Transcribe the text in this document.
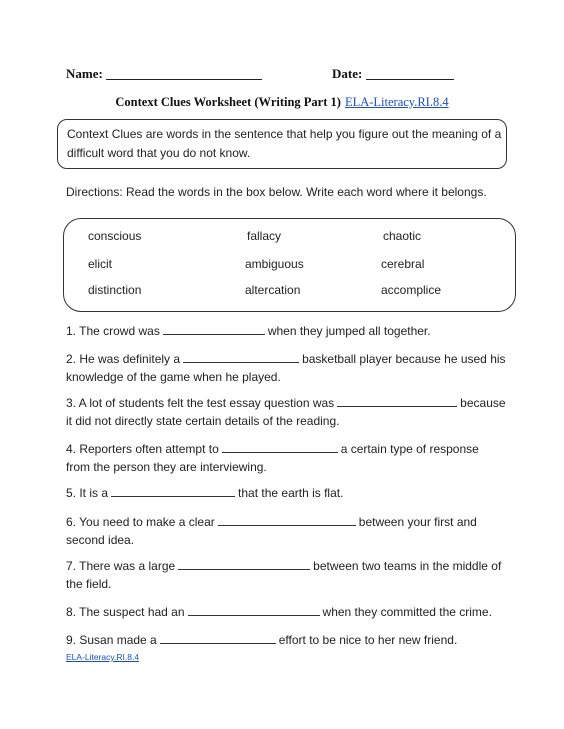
Name:	Date:
Context Clues Worksheet (Writing Part 1) ELA-Literacy.RI.8.4
Context Clues are words in the sentence that help you figure out the meaning of a difficult word that you do not know.
Directions: Read the words in the box below. Write each word where it belongs.
conscious	fallacy	chaotic
elicit	ambiguous	cerebral
distinction	altercation	accomplice
1. The crowd was	when they jumped all together.
2. He was definitely a	basketball player because he used his knowledge of the game when he played.
3. A lot of students felt the test essay question was	because it did not directly state certain details of the reading.
4. Reporters often attempt to	a certain type of response from the person they are interviewing.
5. It is a	that the earth is flat.
6. You need to make a clear	between your first and second idea.
7. There was a large	between two teams in the middle of the field.
8. The suspect had an	when they committed the crime.
9. Susan made a	effort to be nice to her new friend.
ELA-Literacy.RI.8.4
